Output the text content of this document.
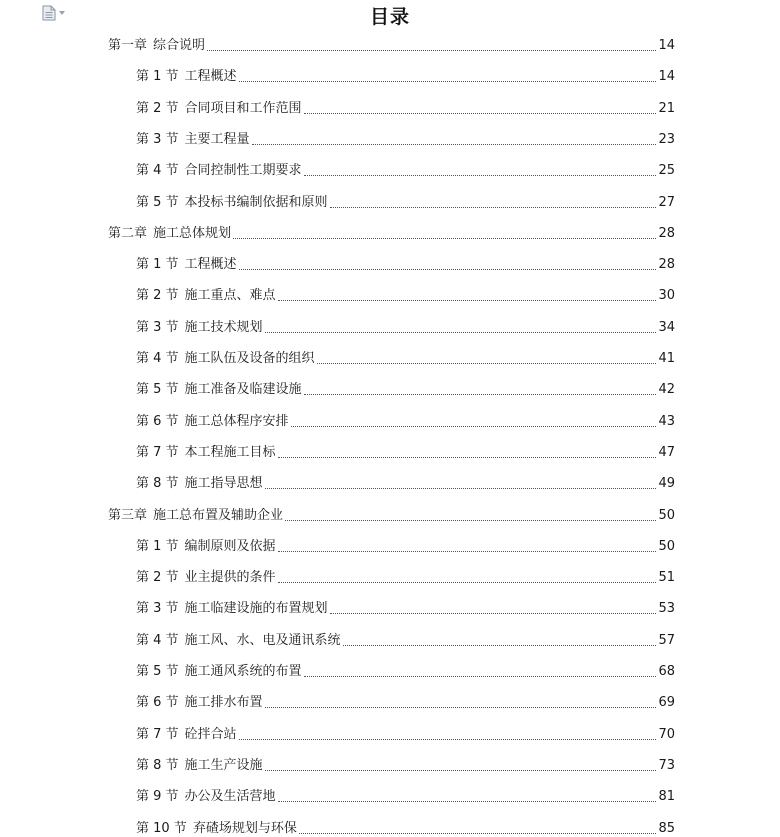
目录
第一章 综合说明	14
第 1 节 工程概述	14
第 2 节 合同项目和工作范围	21
第 3 节 主要工程量	23
第 4 节 合同控制性工期要求	25
第 5 节 本投标书编制依据和原则	27
第二章 施工总体规划	28
第 1 节 工程概述	28
第 2 节 施工重点、难点	30
第 3 节 施工技术规划	34
第 4 节 施工队伍及设备的组织	41
第 5 节 施工准备及临建设施	42
第 6 节 施工总体程序安排	43
第 7 节 本工程施工目标	47
第 8 节 施工指导思想	49
第三章 施工总布置及辅助企业	50
第 1 节 编制原则及依据	50
第 2 节 业主提供的条件	51
第 3 节 施工临建设施的布置规划	53
第 4 节 施工风、水、电及通讯系统	57
第 5 节 施工通风系统的布置	68
第 6 节 施工排水布置	69
第 7 节 砼拌合站	70
第 8 节 施工生产设施	73
第 9 节 办公及生活营地	81
第 10 节 弃碴场规划与环保	85
